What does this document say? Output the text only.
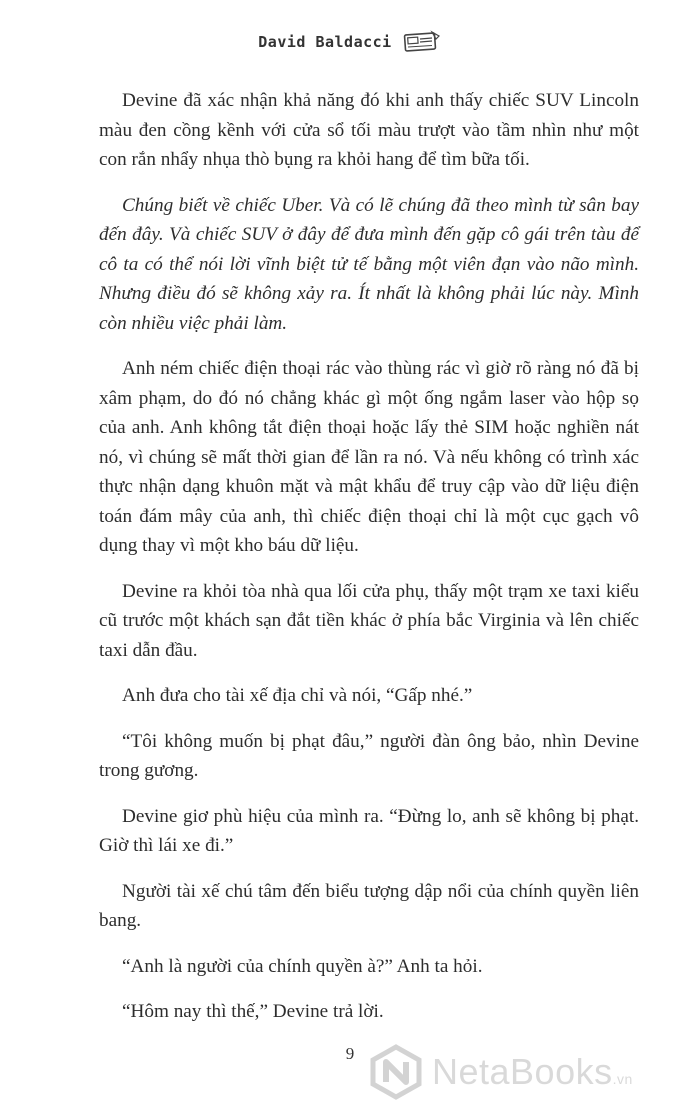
David Baldacci

Devine đã xác nhận khả năng đó khi anh thấy chiếc SUV Lincoln màu đen cồng kềnh với cửa sổ tối màu trượt vào tầm nhìn như một con rắn nhẩy nhụa thò bụng ra khỏi hang để tìm bữa tối.

Chúng biết về chiếc Uber. Và có lẽ chúng đã theo mình từ sân bay đến đây. Và chiếc SUV ở đây để đưa mình đến gặp cô gái trên tàu để cô ta có thể nói lời vĩnh biệt tử tế bằng một viên đạn vào não mình. Nhưng điều đó sẽ không xảy ra. Ít nhất là không phải lúc này. Mình còn nhiều việc phải làm.

Anh ném chiếc điện thoại rác vào thùng rác vì giờ rõ ràng nó đã bị xâm phạm, do đó nó chẳng khác gì một ống ngắm laser vào hộp sọ của anh. Anh không tắt điện thoại hoặc lấy thẻ SIM hoặc nghiền nát nó, vì chúng sẽ mất thời gian để lần ra nó. Và nếu không có trình xác thực nhận dạng khuôn mặt và mật khẩu để truy cập vào dữ liệu điện toán đám mây của anh, thì chiếc điện thoại chỉ là một cục gạch vô dụng thay vì một kho báu dữ liệu.

Devine ra khỏi tòa nhà qua lối cửa phụ, thấy một trạm xe taxi kiểu cũ trước một khách sạn đắt tiền khác ở phía bắc Virginia và lên chiếc taxi dẫn đầu.

Anh đưa cho tài xế địa chỉ và nói, “Gấp nhé.”

“Tôi không muốn bị phạt đâu,” người đàn ông bảo, nhìn Devine trong gương.

Devine giơ phù hiệu của mình ra. “Đừng lo, anh sẽ không bị phạt. Giờ thì lái xe đi.”

Người tài xế chú tâm đến biểu tượng dập nổi của chính quyền liên bang.

“Anh là người của chính quyền à?” Anh ta hỏi.

“Hôm nay thì thế,” Devine trả lời.

9	NetaBooks.vn
